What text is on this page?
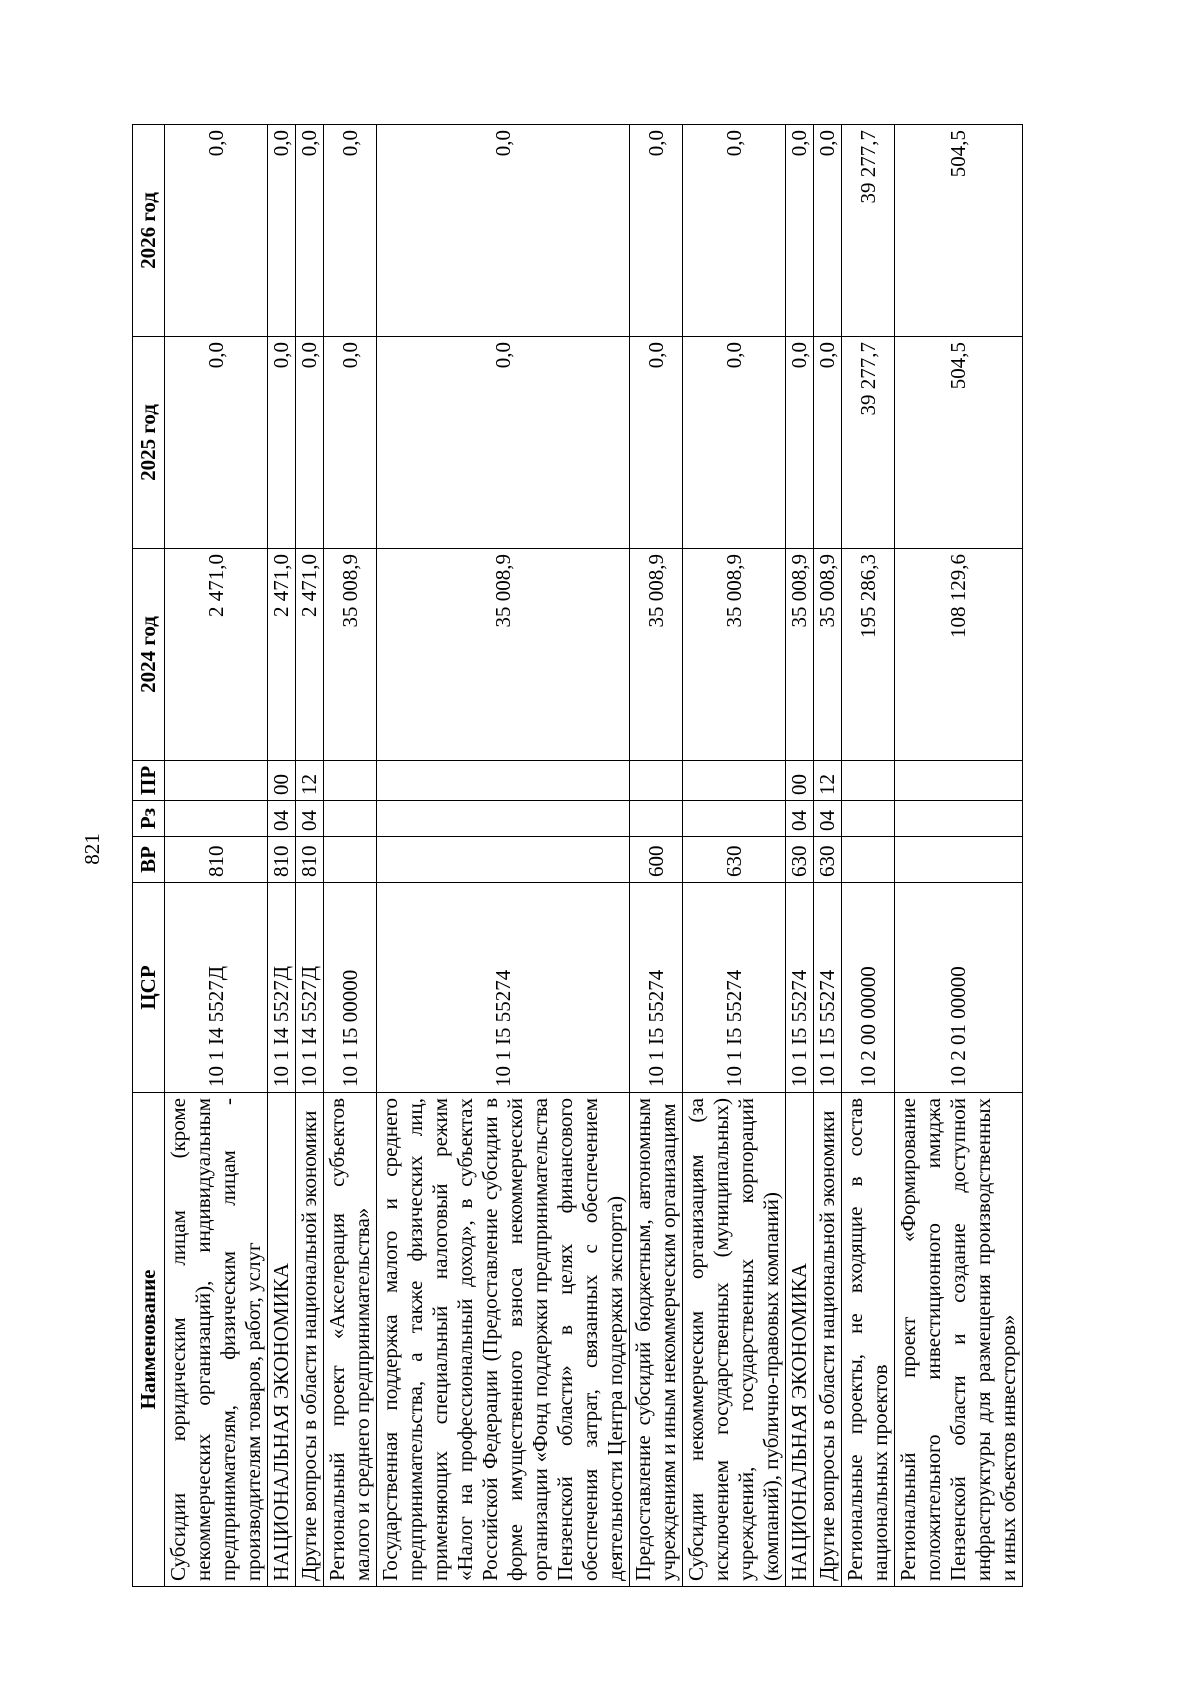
821
Наименование	ЦСР	ВР	Рз	ПР	2024 год	2025 год	2026 год
Субсидии юридическим лицам (кроме некоммерческих организаций), индивидуальным предпринимателям, физическим лицам - производителям товаров, работ, услуг	10 1 I4 5527Д	810			2 471,0	0,0	0,0
НАЦИОНАЛЬНАЯ ЭКОНОМИКА	10 1 I4 5527Д	810	04	00	2 471,0	0,0	0,0
Другие вопросы в области национальной экономики	10 1 I4 5527Д	810	04	12	2 471,0	0,0	0,0
Региональный проект «Акселерация субъектов малого и среднего предпринимательства»	10 1 I5 00000				35 008,9	0,0	0,0
Государственная поддержка малого и среднего предпринимательства, а также физических лиц, применяющих специальный налоговый режим «Налог на профессиональный доход», в субъектах Российской Федерации (Предоставление субсидии в форме имущественного взноса некоммерческой организации «Фонд поддержки предпринимательства Пензенской области» в целях финансового обеспечения затрат, связанных с обеспечением деятельности Центра поддержки экспорта)	10 1 I5 55274				35 008,9	0,0	0,0
Предоставление субсидий бюджетным, автономным учреждениям и иным некоммерческим организациям	10 1 I5 55274	600			35 008,9	0,0	0,0
Субсидии некоммерческим организациям (за исключением государственных (муниципальных) учреждений, государственных корпораций (компаний), публично-правовых компаний)	10 1 I5 55274	630			35 008,9	0,0	0,0
НАЦИОНАЛЬНАЯ ЭКОНОМИКА	10 1 I5 55274	630	04	00	35 008,9	0,0	0,0
Другие вопросы в области национальной экономики	10 1 I5 55274	630	04	12	35 008,9	0,0	0,0
Региональные проекты, не входящие в состав национальных проектов	10 2 00 00000				195 286,3	39 277,7	39 277,7
Региональный проект «Формирование положительного инвестиционного имиджа Пензенской области и создание доступной инфраструктуры для размещения производственных и иных объектов инвесторов»	10 2 01 00000				108 129,6	504,5	504,5
